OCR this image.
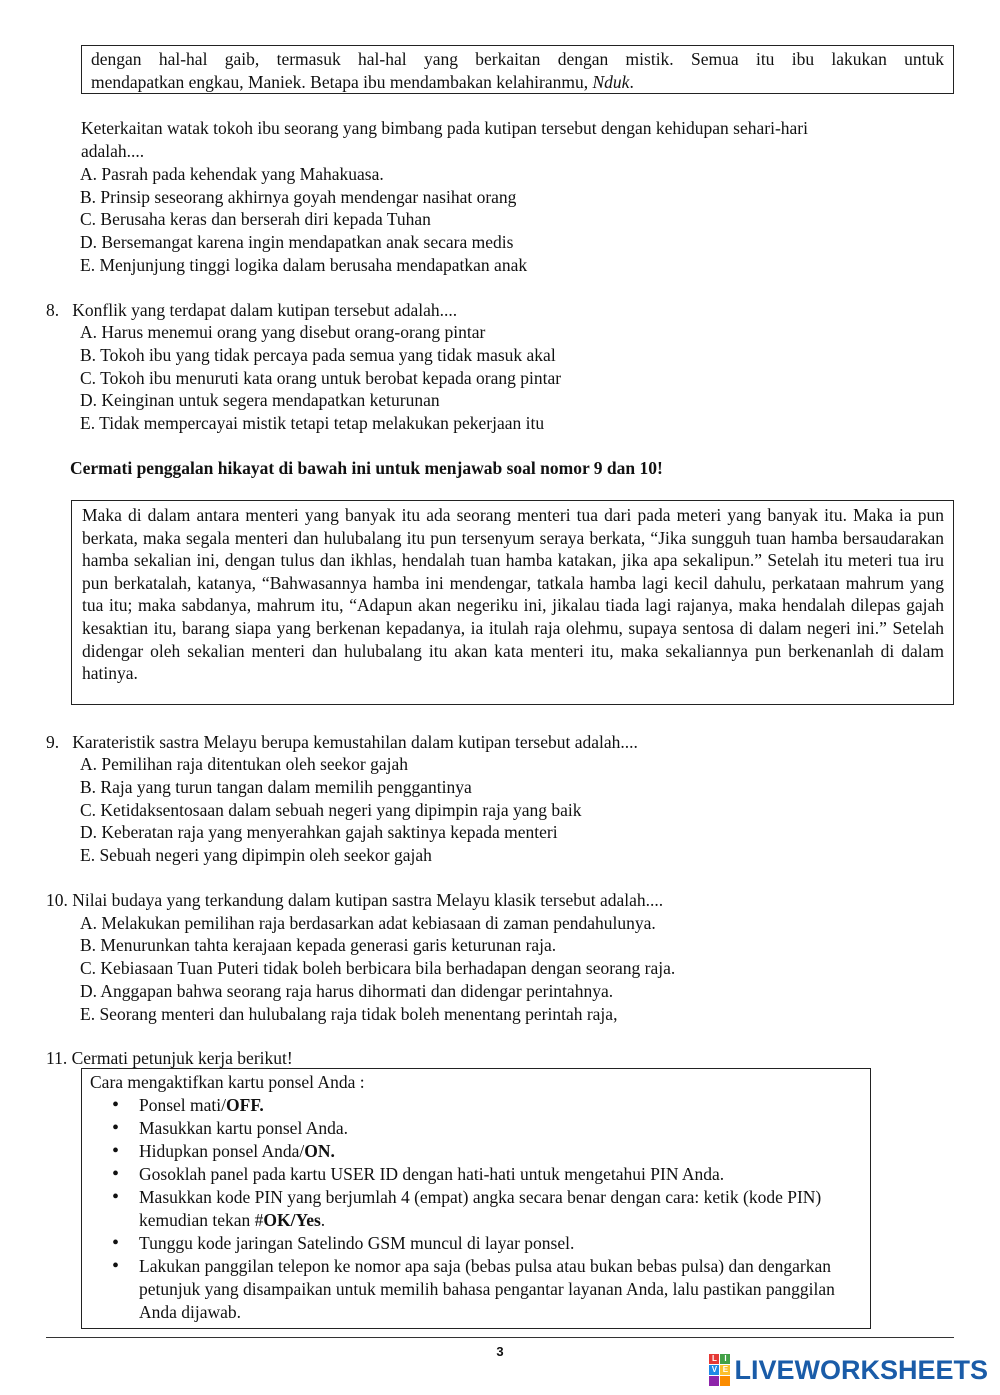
dengan hal-hal gaib, termasuk hal-hal yang berkaitan dengan mistik. Semua itu ibu lakukan untuk
mendapatkan engkau, Maniek. Betapa ibu mendambakan kelahiranmu, Nduk.
Keterkaitan watak tokoh ibu seorang yang bimbang pada kutipan tersebut dengan kehidupan sehari-hari
adalah....
A. Pasrah pada kehendak yang Mahakuasa.
B. Prinsip seseorang akhirnya goyah mendengar nasihat orang
C. Berusaha keras dan berserah diri kepada Tuhan
D. Bersemangat karena ingin mendapatkan anak secara medis
E. Menjunjung tinggi logika dalam berusaha mendapatkan anak
8.   Konflik yang terdapat dalam kutipan tersebut adalah....
A. Harus menemui orang yang disebut orang-orang pintar
B. Tokoh ibu yang tidak percaya pada semua yang tidak masuk akal
C. Tokoh ibu menuruti kata orang untuk berobat kepada orang pintar
D. Keinginan untuk segera mendapatkan keturunan
E. Tidak mempercayai mistik tetapi tetap melakukan pekerjaan itu
Cermati penggalan hikayat di bawah ini untuk menjawab soal nomor 9 dan 10!
Maka di dalam antara menteri yang banyak itu ada seorang menteri tua dari pada meteri yang banyak itu. Maka ia pun berkata, maka segala menteri dan hulubalang itu pun tersenyum seraya berkata, “Jika sungguh tuan hamba bersaudarakan hamba sekalian ini, dengan tulus dan ikhlas, hendalah tuan hamba katakan, jika apa sekalipun.” Setelah itu meteri tua iru pun berkatalah, katanya, “Bahwasannya hamba ini mendengar, tatkala hamba lagi kecil dahulu, perkataan mahrum yang tua itu; maka sabdanya, mahrum itu, “Adapun akan negeriku ini, jikalau tiada lagi rajanya, maka hendalah dilepas gajah kesaktian itu, barang siapa yang berkenan kepadanya, ia itulah raja olehmu, supaya sentosa di dalam negeri ini.” Setelah didengar oleh sekalian menteri dan hulubalang itu akan kata menteri itu, maka sekaliannya pun berkenanlah di dalam hatinya.
9.   Karateristik sastra Melayu berupa kemustahilan dalam kutipan tersebut adalah....
A. Pemilihan raja ditentukan oleh seekor gajah
B. Raja yang turun tangan dalam memilih penggantinya
C. Ketidaksentosaan dalam sebuah negeri yang dipimpin raja yang baik
D. Keberatan raja yang menyerahkan gajah saktinya kepada menteri
E. Sebuah negeri yang dipimpin oleh seekor gajah
10. Nilai budaya yang terkandung dalam kutipan sastra Melayu klasik tersebut adalah....
A. Melakukan pemilihan raja berdasarkan adat kebiasaan di zaman pendahulunya.
B. Menurunkan tahta kerajaan kepada generasi garis keturunan raja.
C. Kebiasaan Tuan Puteri tidak boleh berbicara bila berhadapan dengan seorang raja.
D. Anggapan bahwa seorang raja harus dihormati dan didengar perintahnya.
E. Seorang menteri dan hulubalang raja tidak boleh menentang perintah raja,
11. Cermati petunjuk kerja berikut!
Cara mengaktifkan kartu ponsel Anda :
• Ponsel mati/OFF.
• Masukkan kartu ponsel Anda.
• Hidupkan ponsel Anda/ON.
• Gosoklah panel pada kartu USER ID dengan hati-hati untuk mengetahui PIN Anda.
• Masukkan kode PIN yang berjumlah 4 (empat) angka secara benar dengan cara: ketik (kode PIN) kemudian tekan #OK/Yes.
• Tunggu kode jaringan Satelindo GSM muncul di layar ponsel.
• Lakukan panggilan telepon ke nomor apa saja (bebas pulsa atau bukan bebas pulsa) dan dengarkan petunjuk yang disampaikan untuk memilih bahasa pengantar layanan Anda, lalu pastikan panggilan Anda dijawab.
3	L I
V E LIVEWORKSHEETS
